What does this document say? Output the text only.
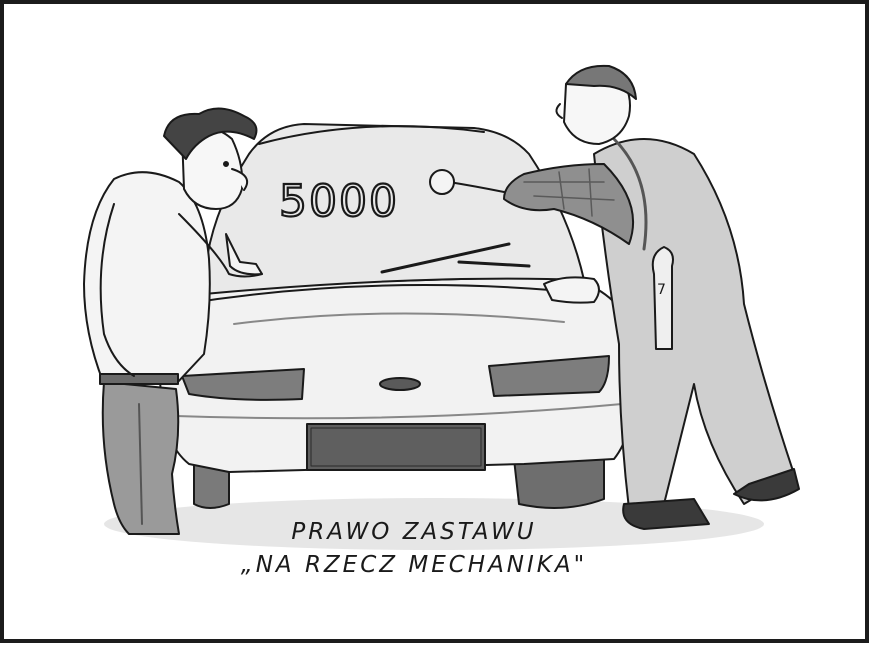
5000
7
PRAWO ZASTAWU
„NA RZECZ MECHANIKA"
